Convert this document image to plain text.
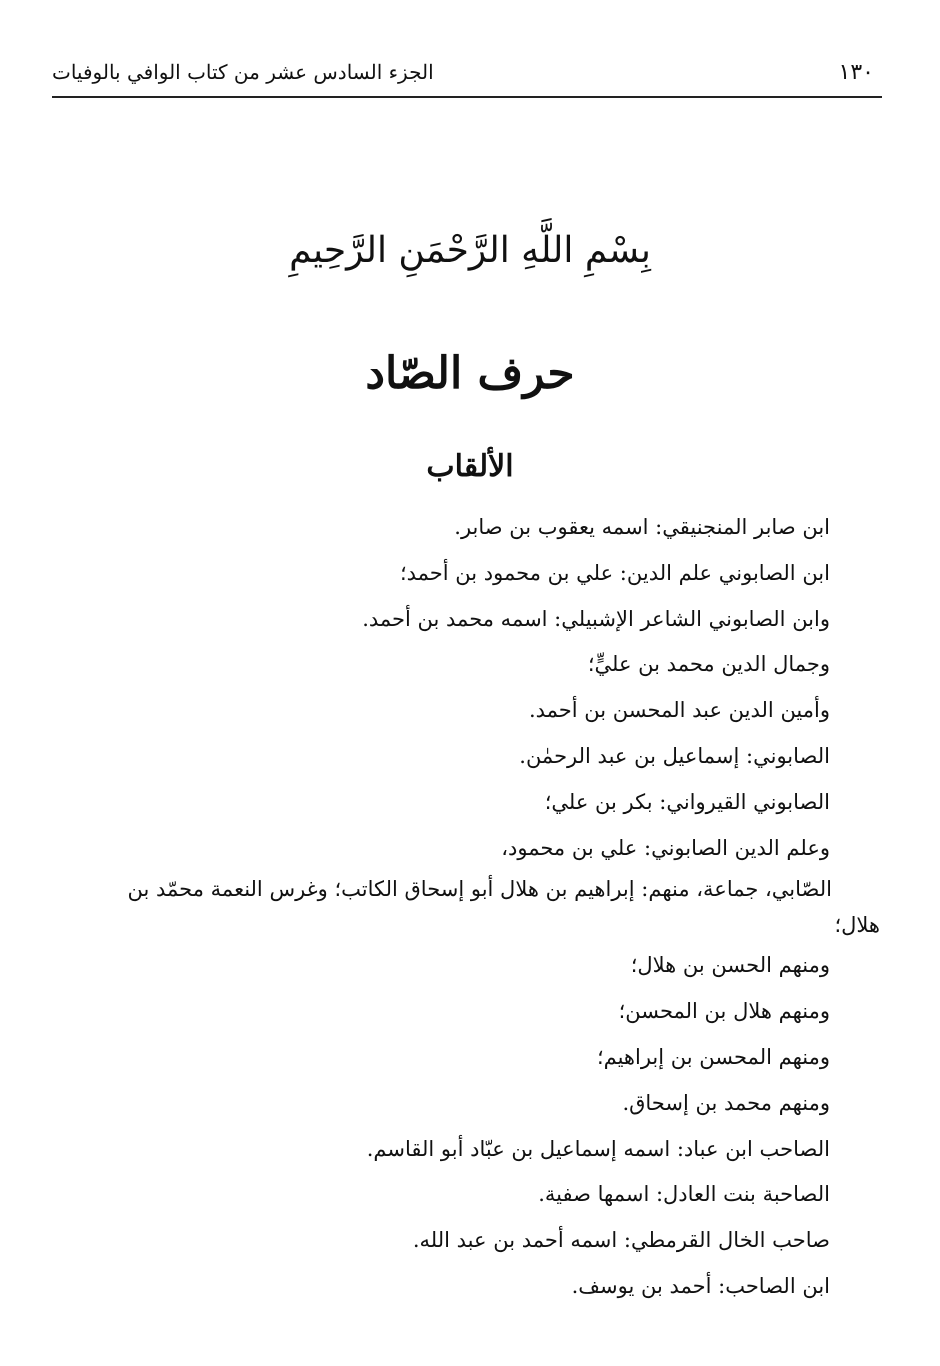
١٣٠
الجزء السادس عشر من كتاب الوافي بالوفيات
بِسْمِ اللَّهِ الرَّحْمَنِ الرَّحِيمِ
حرف الصّاد
الألقاب
ابن صابر المنجنيقي: اسمه يعقوب بن صابر.
ابن الصابوني علم الدين: علي بن محمود بن أحمد؛
وابن الصابوني الشاعر الإشبيلي: اسمه محمد بن أحمد.
وجمال الدين محمد بن عليٍّ؛
وأمين الدين عبد المحسن بن أحمد.
الصابوني: إسماعيل بن عبد الرحمٰن.
الصابوني القيرواني: بكر بن علي؛
وعلم الدين الصابوني: علي بن محمود،
الصّابي، جماعة، منهم: إبراهيم بن هلال أبو إسحاق الكاتب؛ وغرس النعمة محمّد بن
هلال؛
ومنهم الحسن بن هلال؛
ومنهم هلال بن المحسن؛
ومنهم المحسن بن إبراهيم؛
ومنهم محمد بن إسحاق.
الصاحب ابن عباد: اسمه إسماعيل بن عبّاد أبو القاسم.
الصاحبة بنت العادل: اسمها صفية.
صاحب الخال القرمطي: اسمه أحمد بن عبد الله.
ابن الصاحب: أحمد بن يوسف.
